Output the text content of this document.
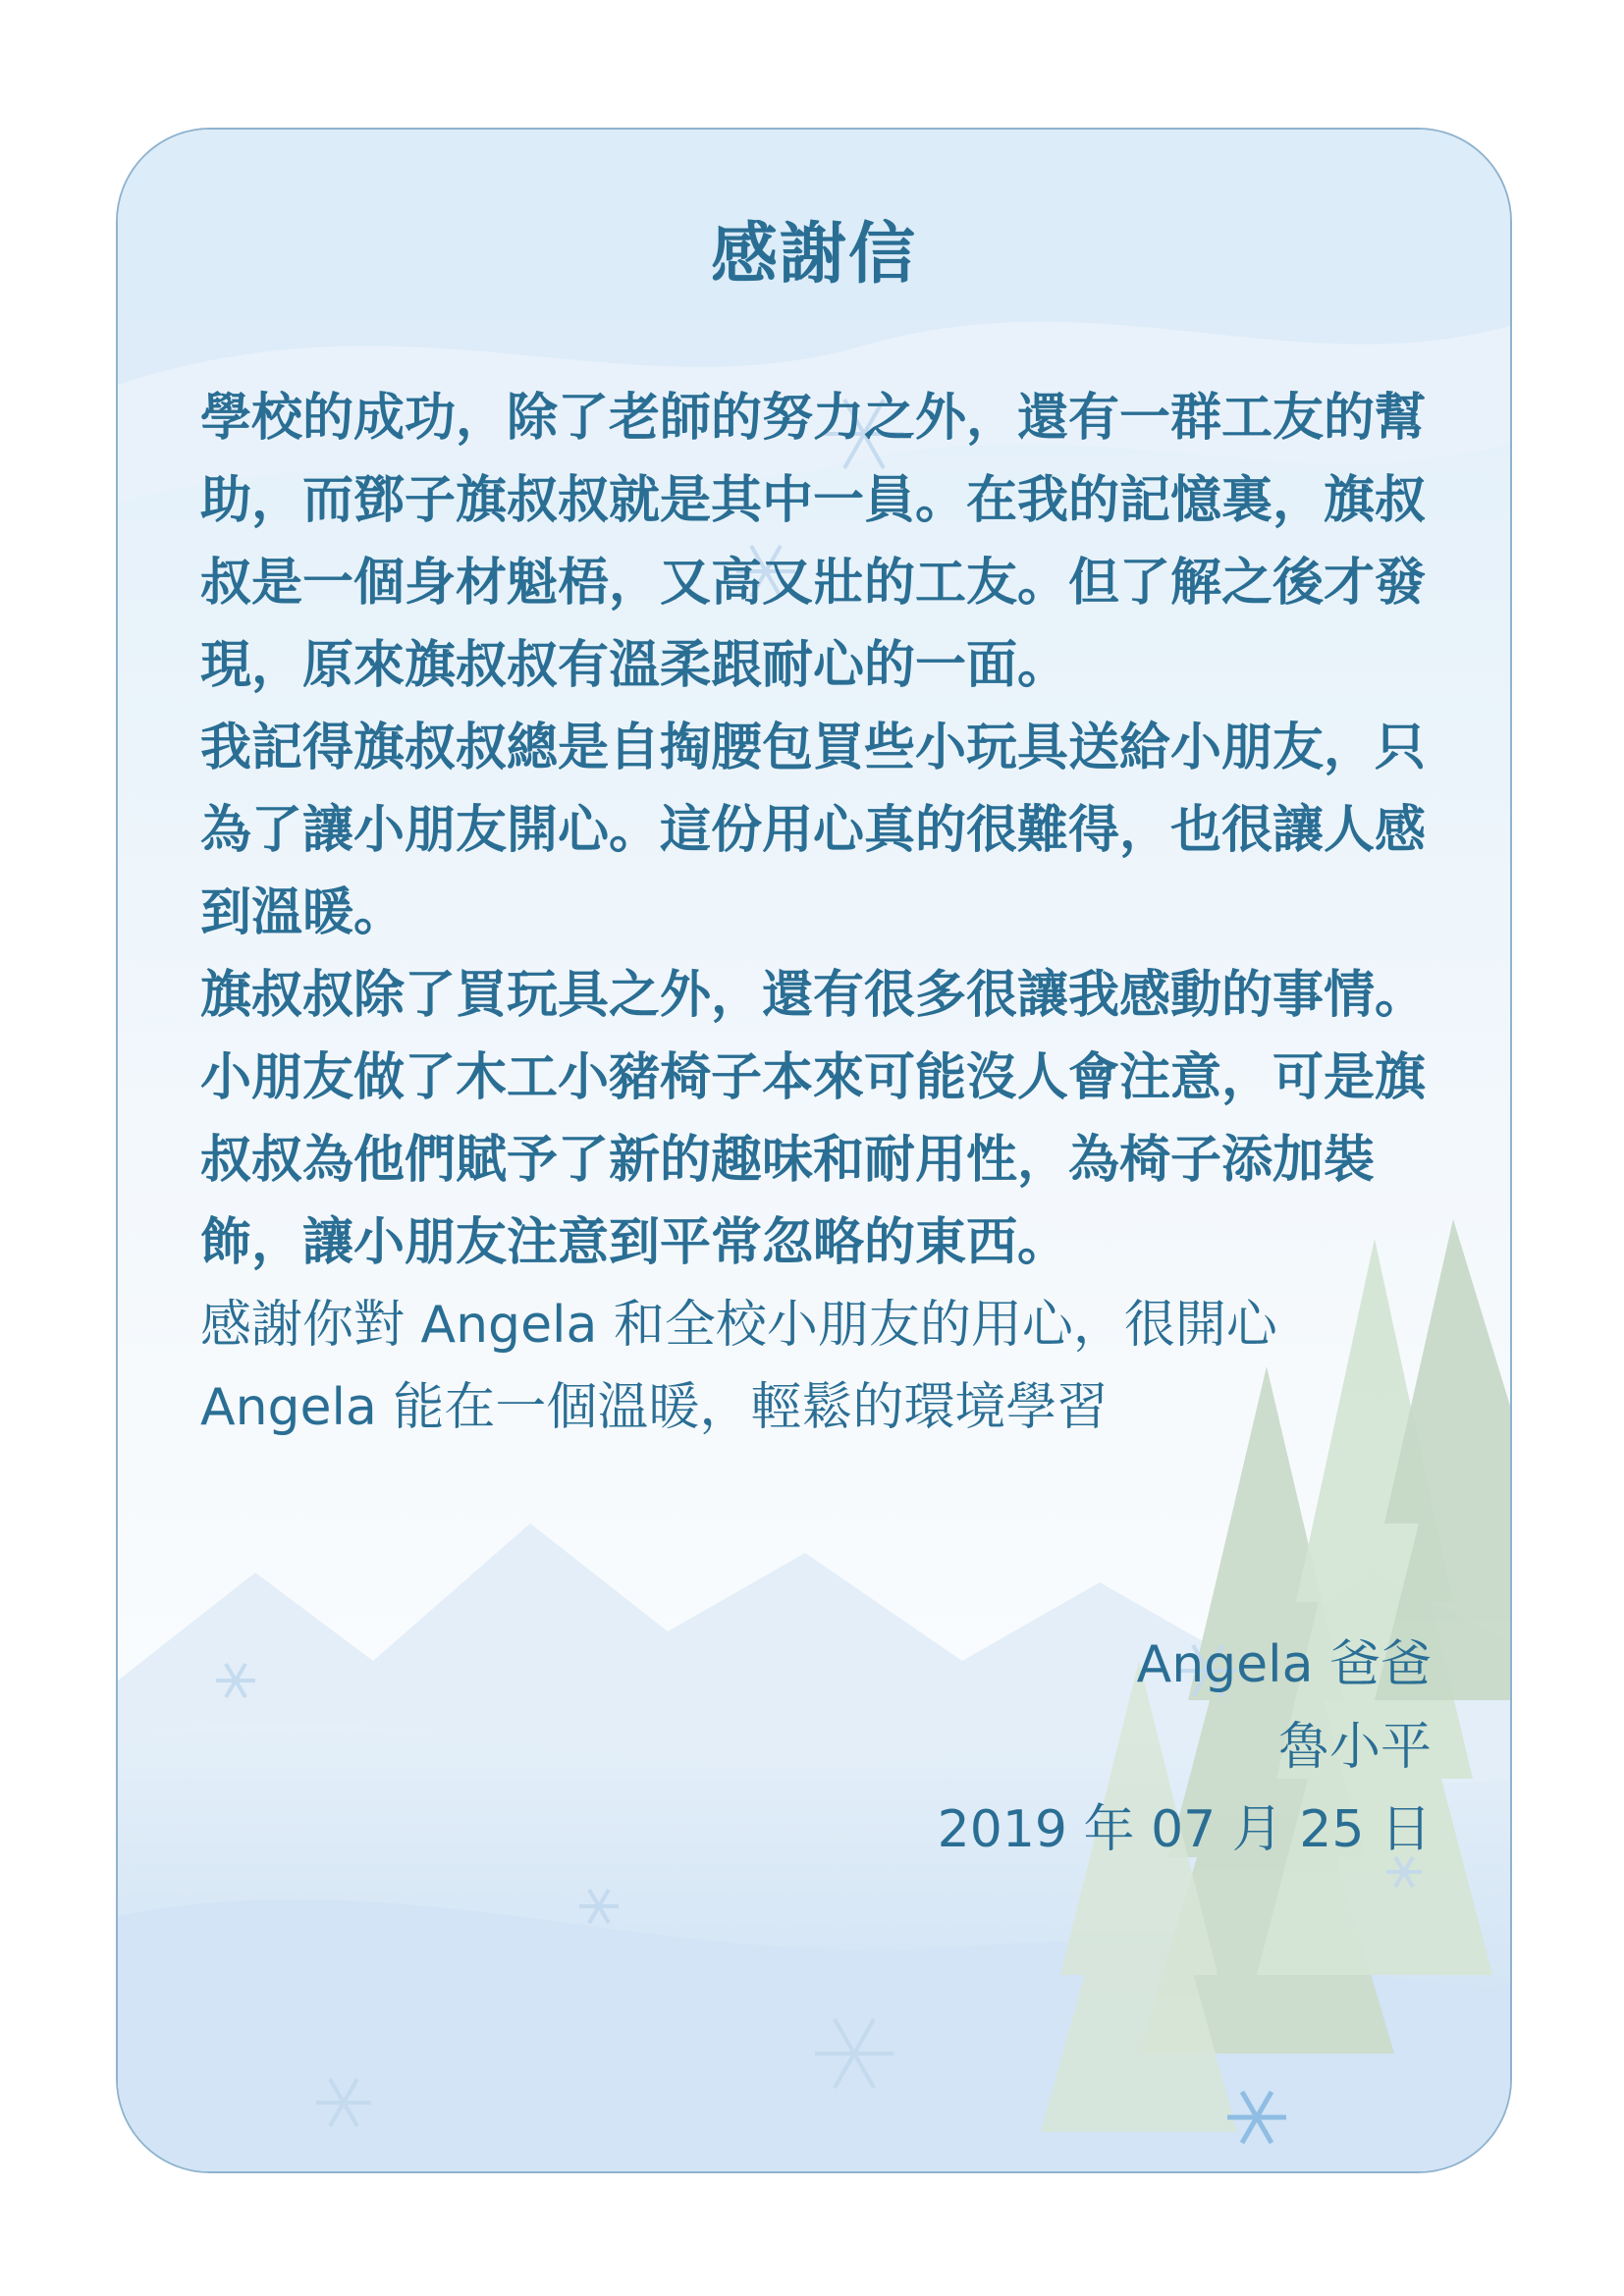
感謝信

學校的成功，除了老師的努力之外，還有一群工友的幫助，而鄧子旗叔叔就是其中一員。在我的記憶裏，旗叔叔是一個身材魁梧，又高又壯的工友。但了解之後才發現，原來旗叔叔有溫柔跟耐心的一面。

我記得旗叔叔總是自掏腰包買些小玩具送給小朋友，只為了讓小朋友開心。這份用心真的很難得，也很讓人感到溫暖。

旗叔叔除了買玩具之外，還有很多很讓我感動的事情。小朋友做了木工小豬椅子本來可能沒人會注意，可是旗叔叔為他們賦予了新的趣味和耐用性，為椅子添加裝飾，讓小朋友注意到平常忽略的東西。

感謝你對 Angela 和全校小朋友的用心，很開心 Angela 能在一個溫暖，輕鬆的環境學習

Angela 爸爸
魯小平
2019 年 07 月 25 日
